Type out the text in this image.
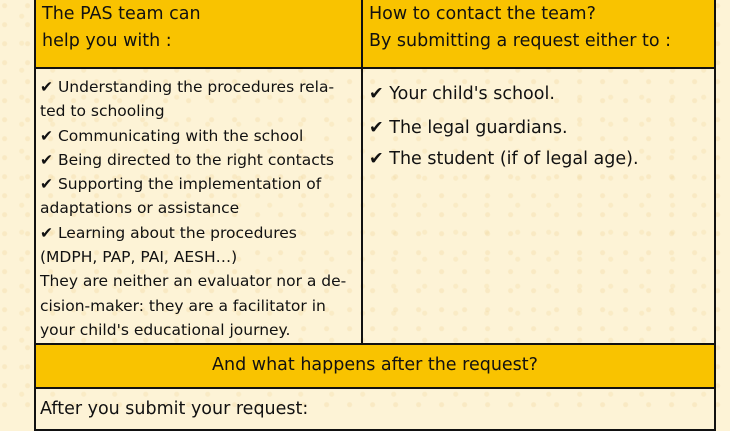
The PAS team can
help you with :
How to contact the team?
By submitting a request either to :

✔ Understanding the procedures rela-
ted to schooling

✔ Communicating with the school

✔ Being directed to the right contacts

✔ Supporting the implementation of
adaptations or assistance

✔ Learning about the procedures
(MDPH, PAP, PAI, AESH…)

They are neither an evaluator nor a de-
cision-maker: they are a facilitator in
your child's educational journey.

✔ Your child's school.
✔ The legal guardians.
✔ The student (if of legal age).
And what happens after the request?
After you submit your request:
